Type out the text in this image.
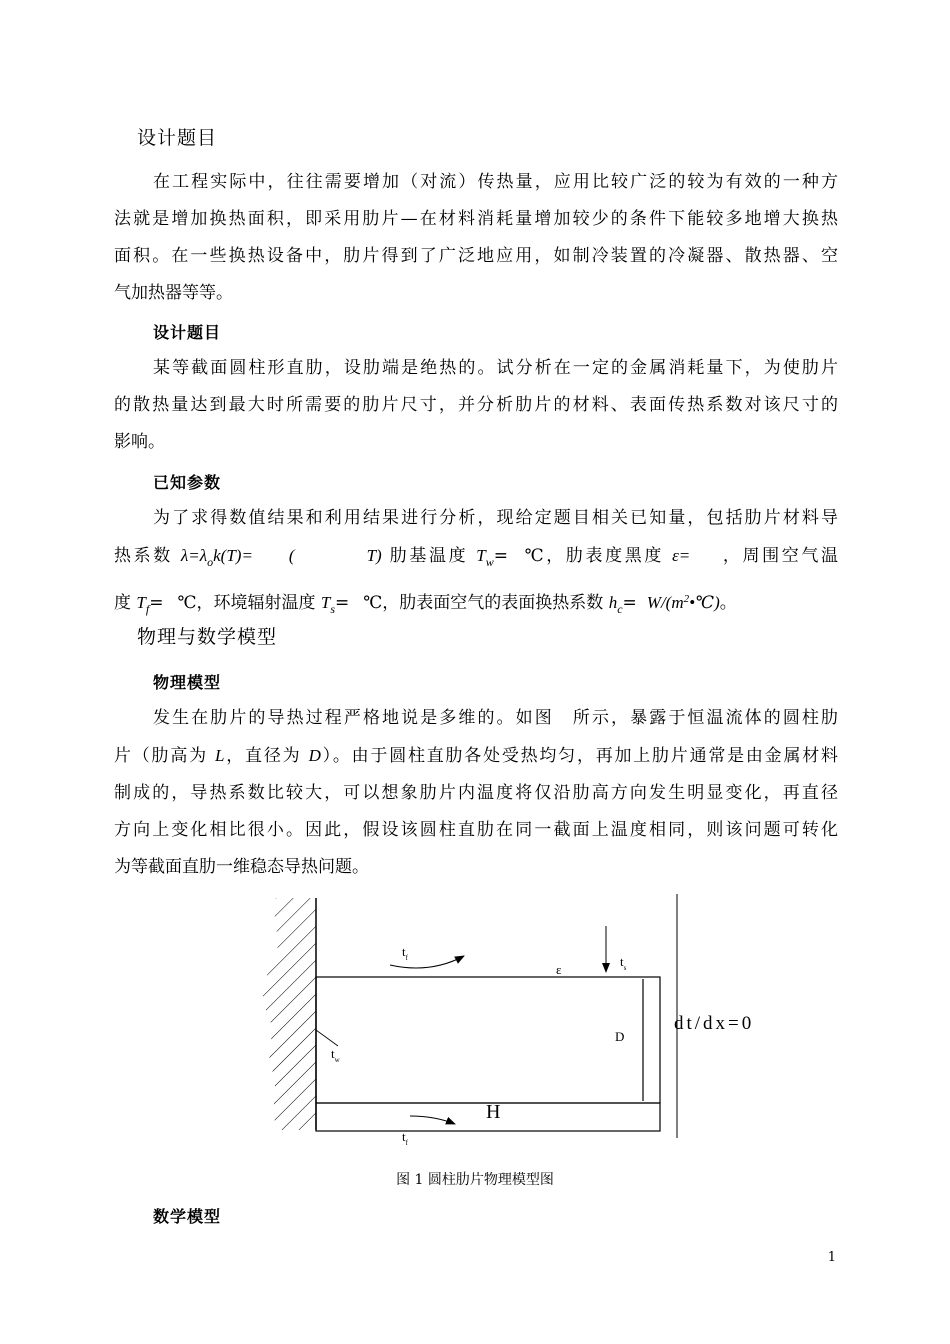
设计题目
在工程实际中，往往需要增加（对流）传热量，应用比较广泛的较为有效的一种方
法就是增加换热面积，即采用肋片—在材料消耗量增加较少的条件下能较多地增大换热
面积。在一些换热设备中，肋片得到了广泛地应用，如制冷装置的冷凝器、散热器、空
气加热器等等。
设计题目
某等截面圆柱形直肋，设肋端是绝热的。试分析在一定的金属消耗量下，为使肋片
的散热量达到最大时所需要的肋片尺寸，并分析肋片的材料、表面传热系数对该尺寸的
影响。
已知参数
为了求得数值结果和利用结果进行分析，现给定题目相关已知量，包括肋片材料导
热系数 $\lambda=\lambda_ok(T)=$ (	T) 肋基温度 $T_w=$ ℃，肋表度黑度 ε= ，周围空气温
度 $T_f=$ ℃，环境辐射温度 $T_s=$ ℃，肋表面空气的表面换热系数 $h_c=$ $W/(m^2•℃)$。
物理与数学模型
物理模型
发生在肋片的导热过程严格地说是多维的。如图　所示，暴露于恒温流体的圆柱肋
片（肋高为 L，直径为 D）。由于圆柱直肋各处受热均匀，再加上肋片通常是由金属材料
制成的，导热系数比较大，可以想象肋片内温度将仅沿肋高方向发生明显变化，再直径
方向上变化相比很小。因此，假设该圆柱直肋在同一截面上温度相同，则该问题可转化
为等截面直肋一维稳态导热问题。
$t_f$	$t_s$
ε
D
$t_w$
H
$t_f$
dt/dx=0
图 1 圆柱肋片物理模型图
数学模型
1
